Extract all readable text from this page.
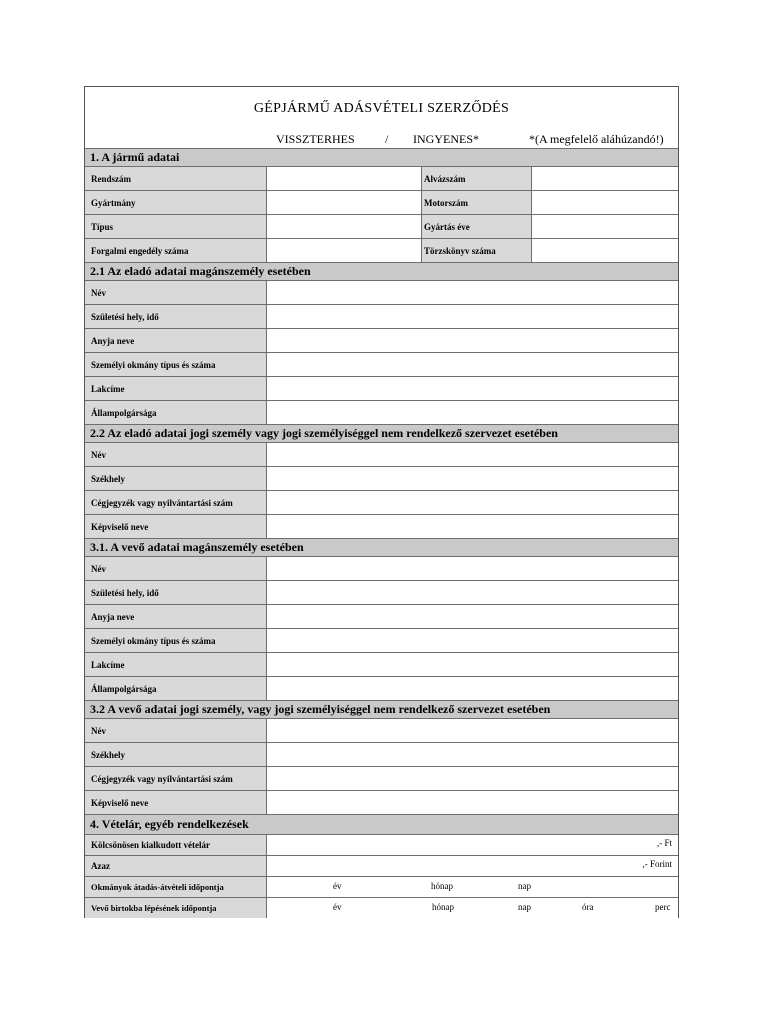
GÉPJÁRMŰ ADÁSVÉTELI SZERZŐDÉS
VISSZTERHES	/ INGYENES*	*(A megfelelő aláhúzandó!)
1. A jármű adatai
Rendszám	Alvázszám
Gyártmány	Motorszám
Típus	Gyártás éve
Forgalmi engedély száma	Törzskönyv száma
2.1 Az eladó adatai magánszemély esetében
Név
Születési hely, idő
Anyja neve
Személyi okmány típus és száma
Lakcíme
Állampolgársága
2.2 Az eladó adatai jogi személy vagy jogi személyiséggel nem rendelkező szervezet esetében
Név
Székhely
Cégjegyzék vagy nyilvántartási szám
Képviselő neve
3.1. A vevő adatai magánszemély esetében
Név
Születési hely, idő
Anyja neve
Személyi okmány típus és száma
Lakcíme
Állampolgársága
3.2 A vevő adatai jogi személy, vagy jogi személyiséggel nem rendelkező szervezet esetében
Név
Székhely
Cégjegyzék vagy nyilvántartási szám
Képviselő neve
4. Vételár, egyéb rendelkezések
Kölcsönösen kialkudott vételár	,- Ft
Azaz	,- Forint
Okmányok átadás-átvételi időpontja	év	hónap	nap
Vevő birtokba lépésének időpontja	év	hónap	nap	óra	perc
